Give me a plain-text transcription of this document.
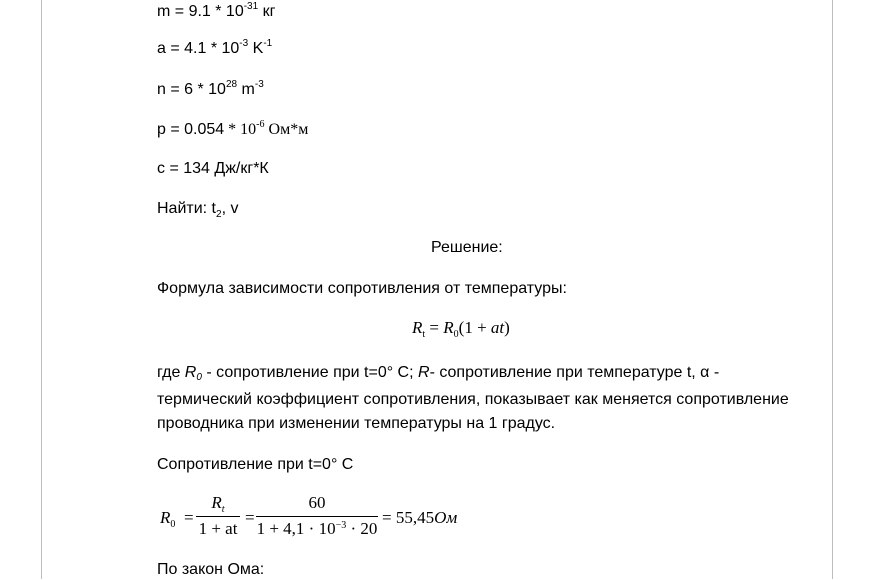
$m = 9.1 * 10^{-31}$ кг
$a = 4.1 * 10^{-3}$ $K^{-1}$
$n = 6 * 10^{28}$ $m^{-3}$
$p = 0.054 * 10^{-6}$ Ом*м
c = 134 Дж/кг*К
Найти: $t_2$, v
Решение:
Формула зависимости сопротивления от температуры:
$R_t = R_0(1 + at)$
где $R_0$ - сопротивление при t=0° С; R- сопротивление при температуре t, α - термический коэффициент сопротивления, показывает как меняется сопротивление проводника при изменении температуры на 1 градус.
Сопротивление при t=0° С
$R_0$ =
$R_t$
1 + at
=
60
$1 + 4,1 \cdot 10^{-3} \cdot 20$
= 55,45Ом
По закон Ома:
